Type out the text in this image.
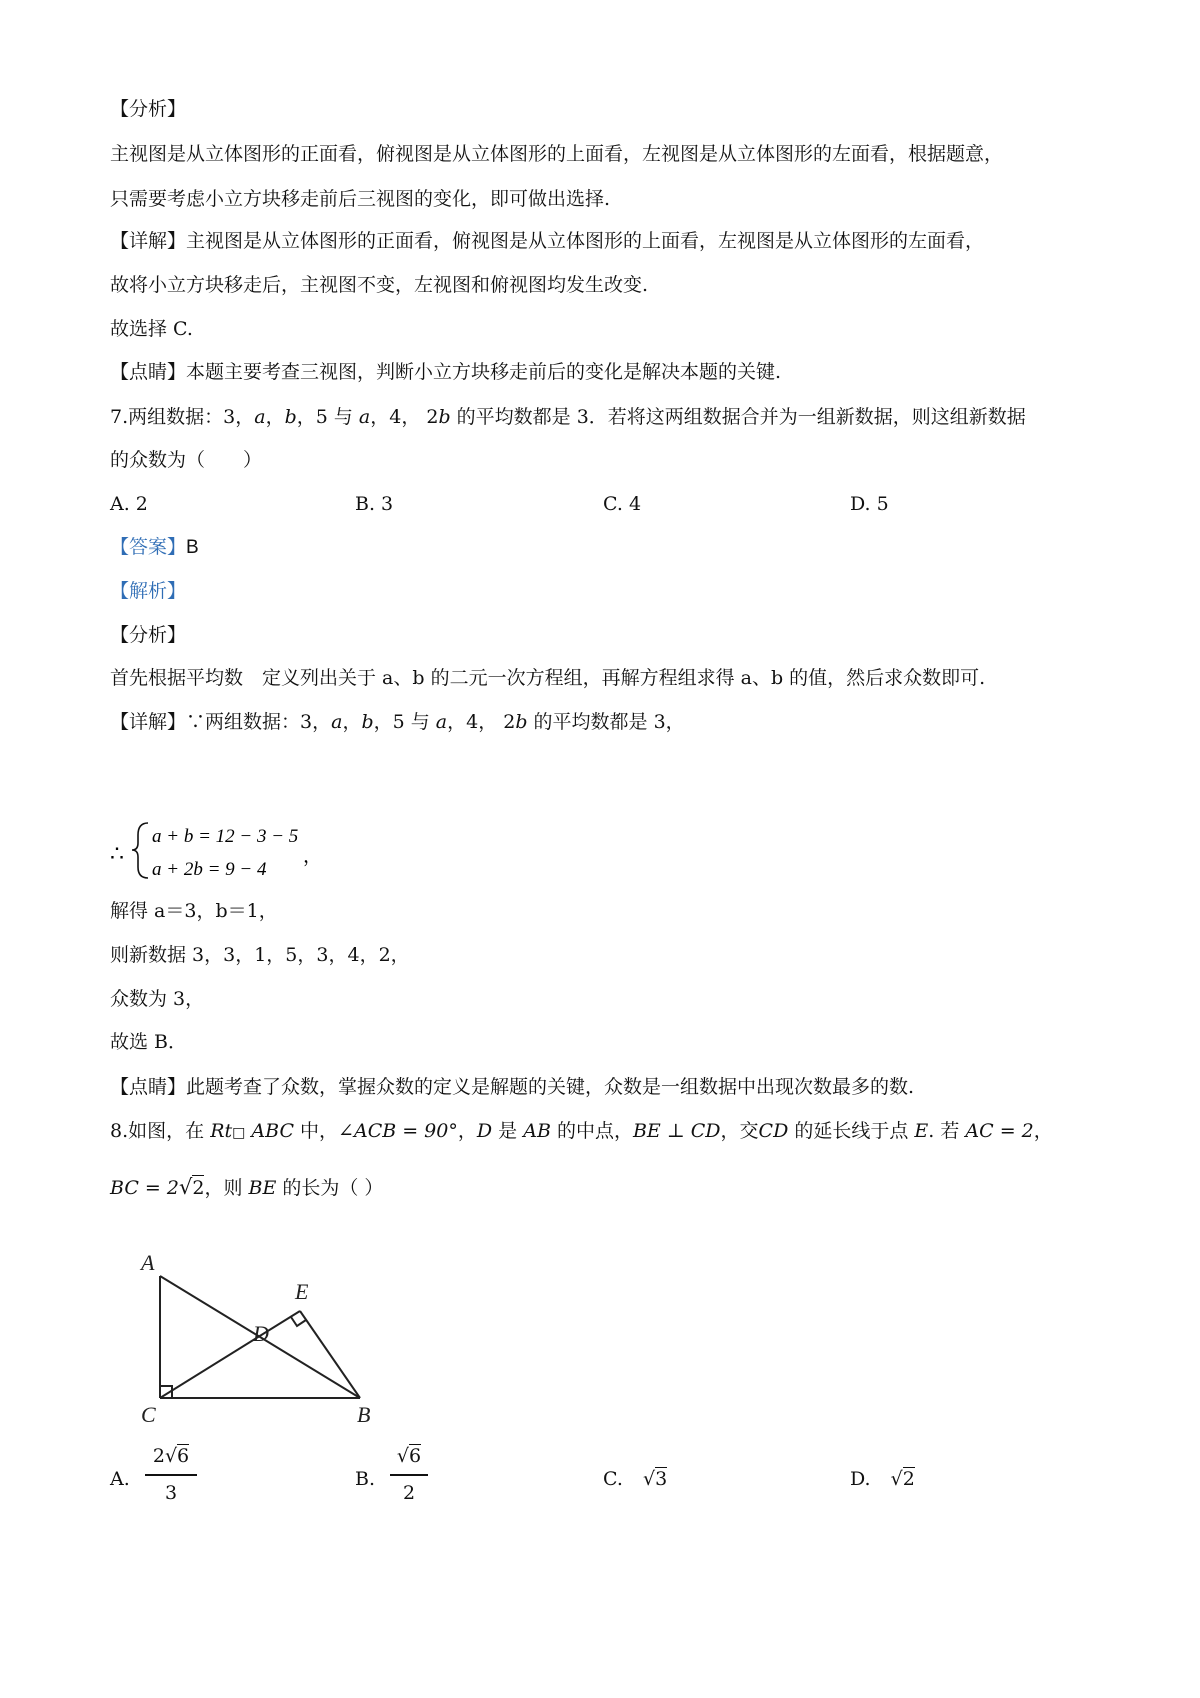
【分析】
主视图是从立体图形的正面看，俯视图是从立体图形的上面看，左视图是从立体图形的左面看，根据题意，
只需要考虑小立方块移走前后三视图的变化，即可做出选择.
【详解】主视图是从立体图形的正面看，俯视图是从立体图形的上面看，左视图是从立体图形的左面看，
故将小立方块移走后，主视图不变，左视图和俯视图均发生改变.
故选择 C.
【点睛】本题主要考查三视图，判断小立方块移走前后的变化是解决本题的关键.
7.两组数据：3，a，b，5 与 a，4， 2b 的平均数都是 3．若将这两组数据合并为一组新数据，则这组新数据
的众数为（　　）
A. 2	B. 3	C. 4	D. 5
【答案】B
【解析】
【分析】
首先根据平均数　定义列出关于 a、b 的二元一次方程组，再解方程组求得 a、b 的值，然后求众数即可.
【详解】∵两组数据：3，a，b，5 与 a，4， 2b 的平均数都是 3，
∴
a + b = 12 − 3 − 5
a + 2b = 9 − 4
，
解得 a＝3，b＝1，
则新数据 3，3，1，5，3，4，2，
众数为 3，
故选 B．
【点睛】此题考查了众数，掌握众数的定义是解题的关键，众数是一组数据中出现次数最多的数.
8.如图，在 Rt□ ABC 中，∠ACB = 90°，D 是 AB 的中点，BE ⊥ CD，交CD 的延长线于点 E. 若 AC = 2，
BC = 2√2，则 BE 的长为（ ）
A
E
D
C	B
A.
2√6
3
B.
√6
2
C. √3	D. √2
